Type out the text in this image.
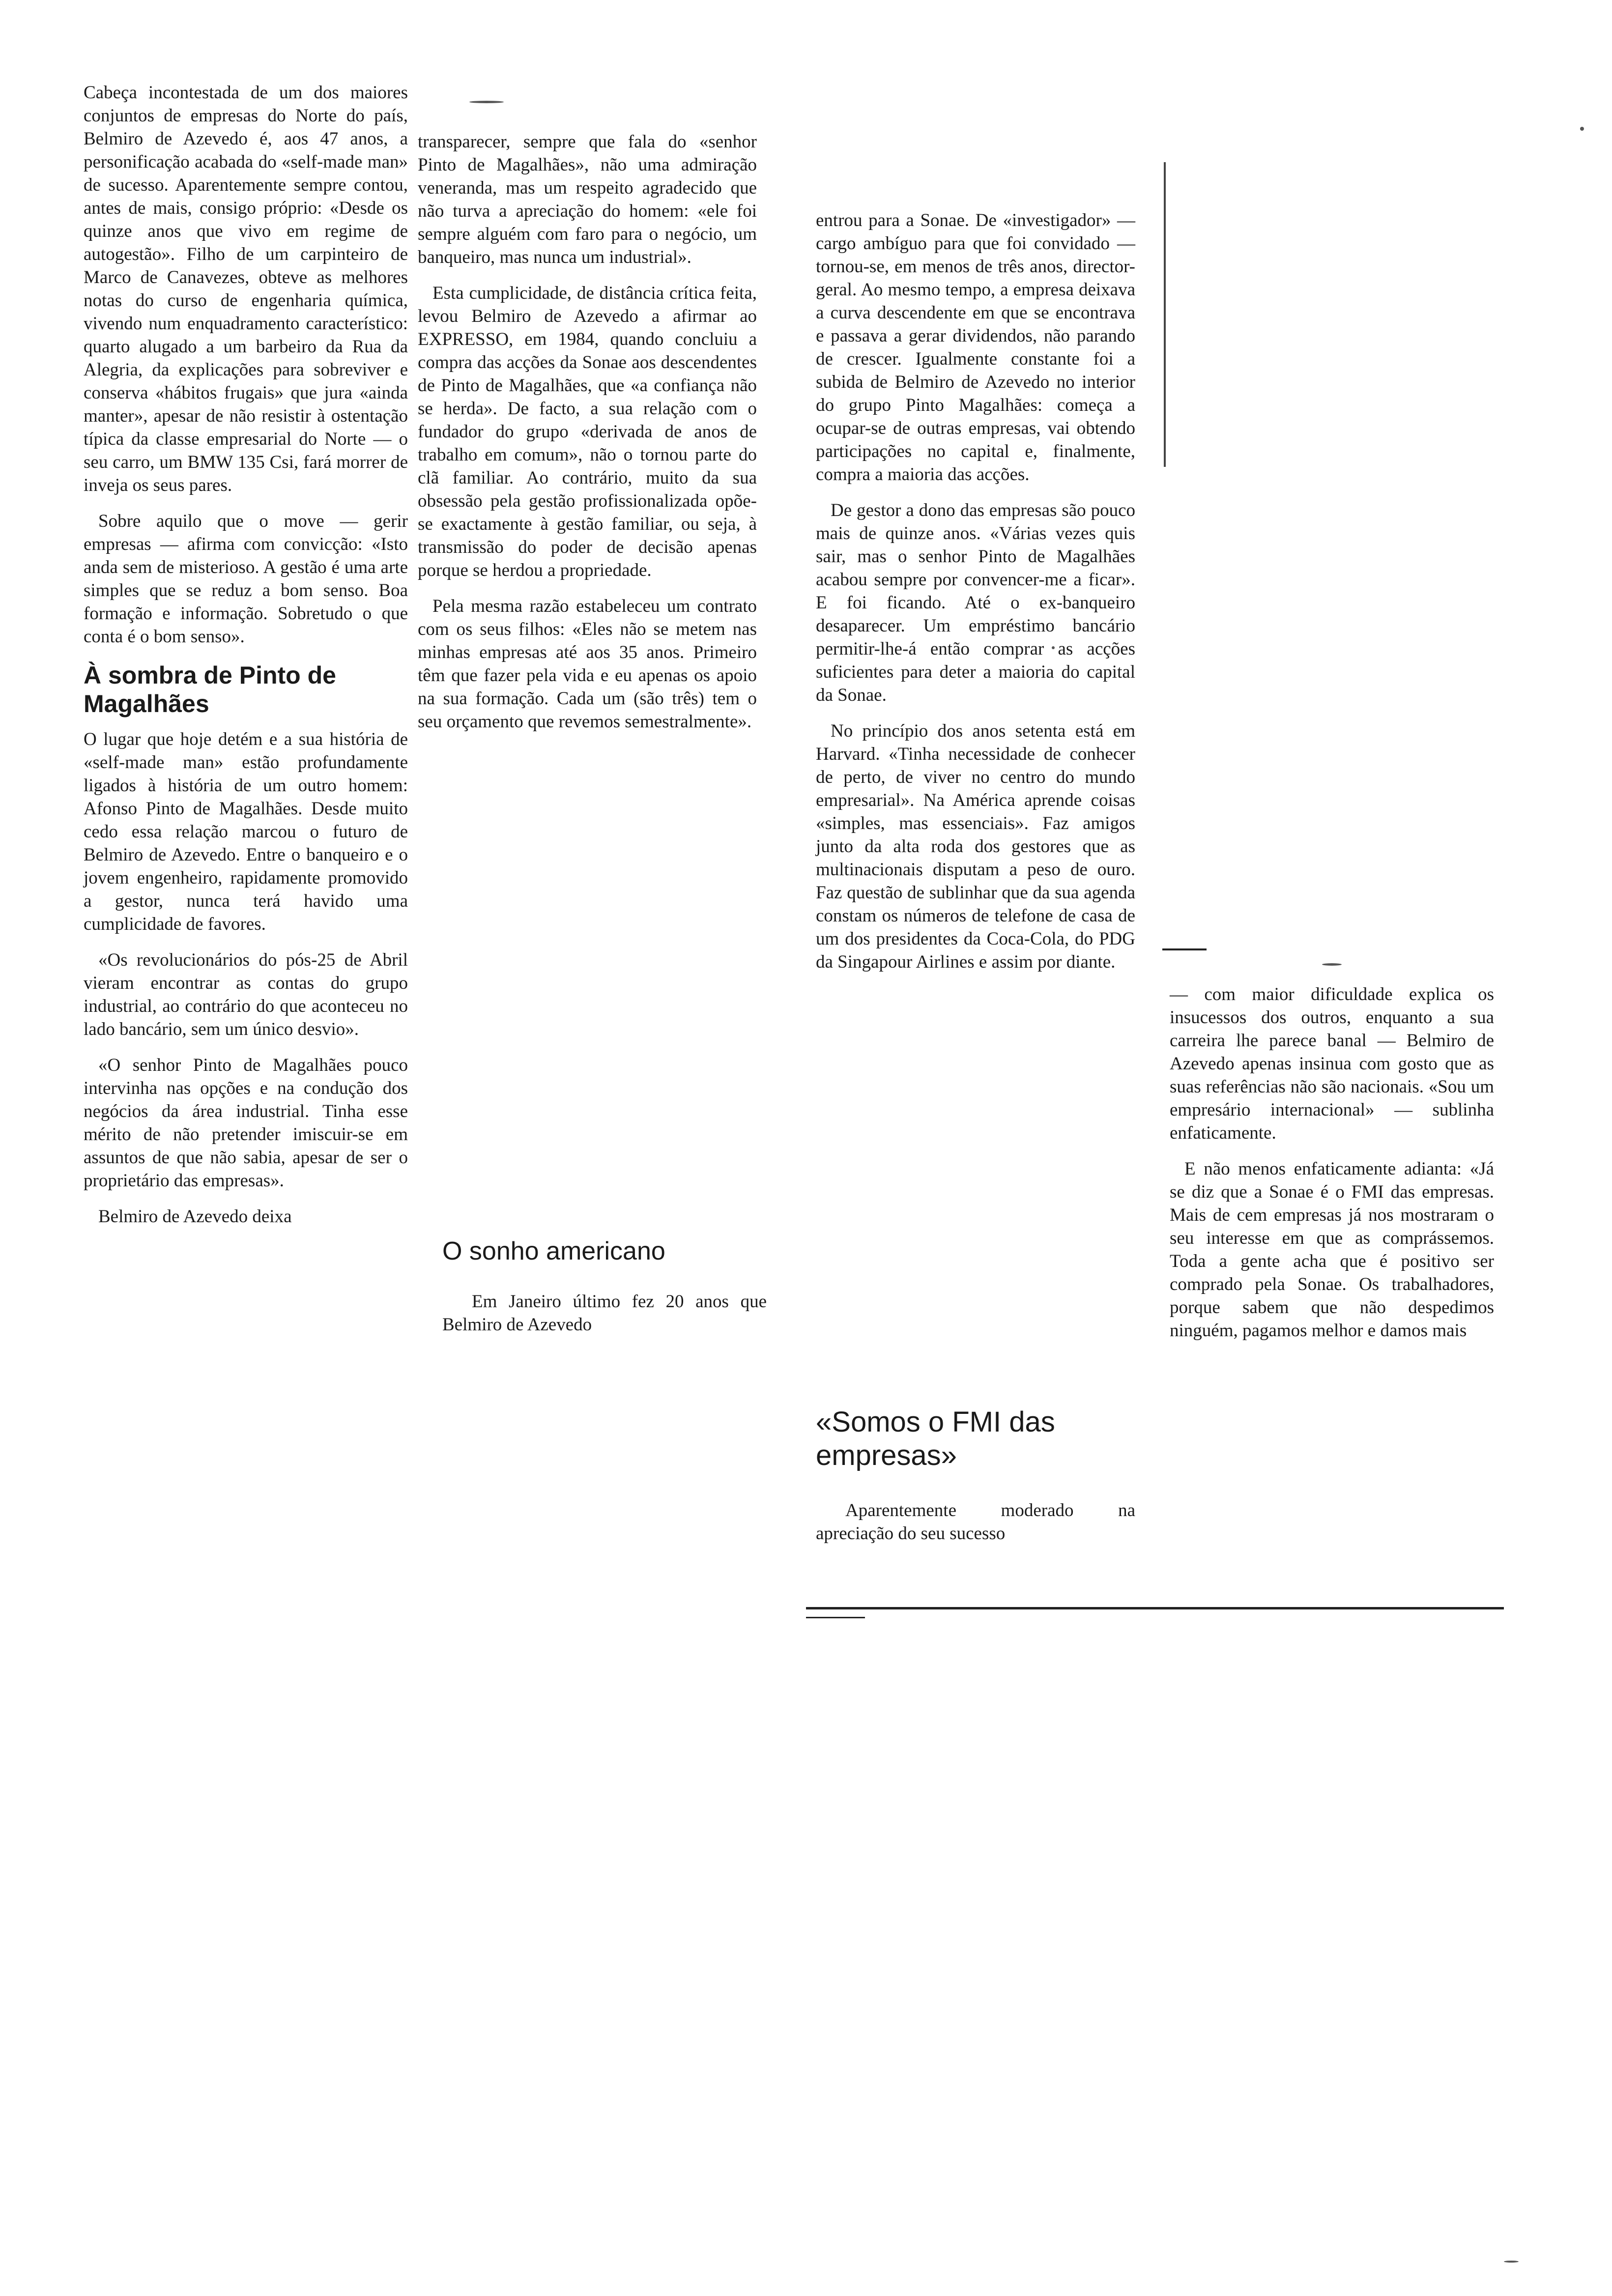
Cabeça incontestada de um dos maiores conjuntos de empresas do Norte do país, Belmiro de Azevedo é, aos 47 anos, a personificação acabada do «self-made man» de sucesso. Aparentemente sempre contou, antes de mais, consigo próprio: «Desde os quinze anos que vivo em regime de autogestão». Filho de um carpinteiro de Marco de Canavezes, obteve as melhores notas do curso de engenharia química, vivendo num enquadramento característico: quarto alugado a um barbeiro da Rua da Alegria, da explicações para sobreviver e conserva «hábitos frugais» que jura «ainda manter», apesar de não resistir à ostentação típica da classe empresarial do Norte — o seu carro, um BMW 135 Csi, fará morrer de inveja os seus pares.

Sobre aquilo que o move — gerir empresas — afirma com convicção: «Isto anda sem de misterioso. A gestão é uma arte simples que se reduz a bom senso. Boa formação e informação. Sobretudo o que conta é o bom senso».

À sombra de Pinto de Magalhães

O lugar que hoje detém e a sua história de «self-made man» estão profundamente ligados à história de um outro homem: Afonso Pinto de Magalhães. Desde muito cedo essa relação marcou o futuro de Belmiro de Azevedo. Entre o banqueiro e o jovem engenheiro, rapidamente promovido a gestor, nunca terá havido uma cumplicidade de favores.

«Os revolucionários do pós-25 de Abril vieram encontrar as contas do grupo industrial, ao contrário do que aconteceu no lado bancário, sem um único desvio».

«O senhor Pinto de Magalhães pouco intervinha nas opções e na condução dos negócios da área industrial. Tinha esse mérito de não pretender imiscuir-se em assuntos de que não sabia, apesar de ser o proprietário das empresas».

Belmiro de Azevedo deixa

transparecer, sempre que fala do «senhor Pinto de Magalhães», não uma admiração veneranda, mas um respeito agradecido que não turva a apreciação do homem: «ele foi sempre alguém com faro para o negócio, um banqueiro, mas nunca um industrial».

Esta cumplicidade, de distância crítica feita, levou Belmiro de Azevedo a afirmar ao EXPRESSO, em 1984, quando concluiu a compra das acções da Sonae aos descendentes de Pinto de Magalhães, que «a confiança não se herda». De facto, a sua relação com o fundador do grupo «derivada de anos de trabalho em comum», não o tornou parte do clã familiar. Ao contrário, muito da sua obsessão pela gestão profissionalizada opõe-se exactamente à gestão familiar, ou seja, à transmissão do poder de decisão apenas porque se herdou a propriedade.

Pela mesma razão estabeleceu um contrato com os seus filhos: «Eles não se metem nas minhas empresas até aos 35 anos. Primeiro têm que fazer pela vida e eu apenas os apoio na sua formação. Cada um (são três) tem o seu orçamento que revemos semestralmente».

O sonho americano
Em Janeiro último fez 20 anos que Belmiro de Azevedo

entrou para a Sonae. De «investigador» — cargo ambíguo para que foi convidado — tornou-se, em menos de três anos, director-geral. Ao mesmo tempo, a empresa deixava a curva descendente em que se encontrava e passava a gerar dividendos, não parando de crescer. Igualmente constante foi a subida de Belmiro de Azevedo no interior do grupo Pinto Magalhães: começa a ocupar-se de outras empresas, vai obtendo participações no capital e, finalmente, compra a maioria das acções.

De gestor a dono das empresas são pouco mais de quinze anos. «Várias vezes quis sair, mas o senhor Pinto de Magalhães acabou sempre por convencer-me a ficar». E foi ficando. Até o ex-banqueiro desaparecer. Um empréstimo bancário permitir-lhe-á então comprar as acções suficientes para deter a maioria do capital da Sonae.

No princípio dos anos setenta está em Harvard. «Tinha necessidade de conhecer de perto, de viver no centro do mundo empresarial». Na América aprende coisas «simples, mas essenciais». Faz amigos junto da alta roda dos gestores que as multinacionais disputam a peso de ouro. Faz questão de sublinhar que da sua agenda constam os números de telefone de casa de um dos presidentes da Coca-Cola, do PDG da Singapour Airlines e assim por diante.

«Somos o FMI das empresas»
Aparentemente moderado na apreciação do seu sucesso

— com maior dificuldade explica os insucessos dos outros, enquanto a sua carreira lhe parece banal — Belmiro de Azevedo apenas insinua com gosto que as suas referências não são nacionais. «Sou um empresário internacional» — sublinha enfaticamente.

E não menos enfaticamente adianta: «Já se diz que a Sonae é o FMI das empresas. Mais de cem empresas já nos mostraram o seu interesse em que as comprássemos. Toda a gente acha que é positivo ser comprado pela Sonae. Os trabalhadores, porque sabem que não despedimos ninguém, pagamos melhor e damos mais
